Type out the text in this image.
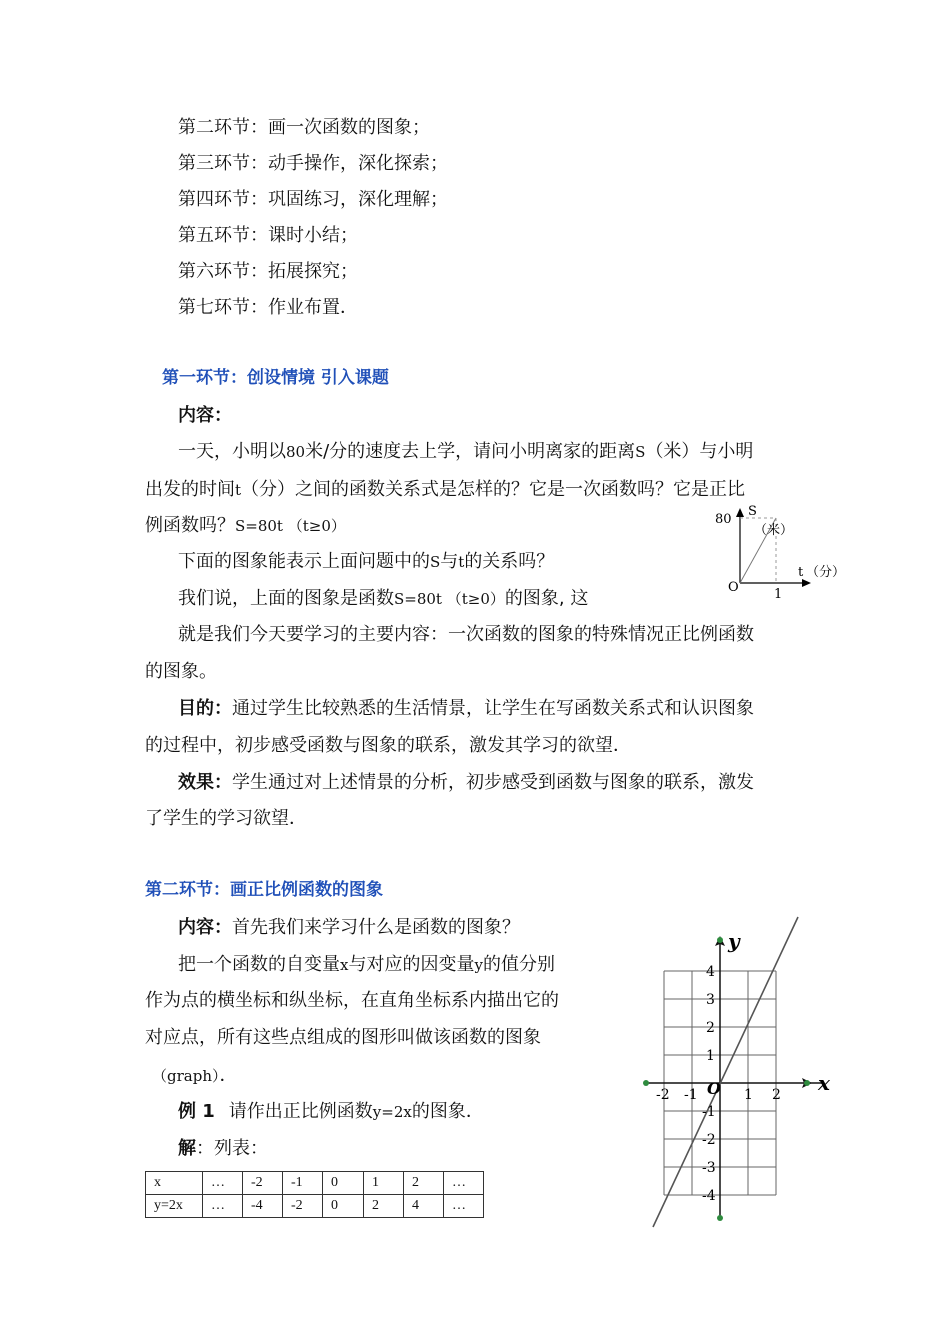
第二环节：画一次函数的图象；
第三环节：动手操作，深化探索；
第四环节：巩固练习，深化理解；
第五环节：课时小结；
第六环节：拓展探究；
第七环节：作业布置．
第一环节：创设情境 引入课题
内容：
一天，小明以80米/分的速度去上学，请问小明离家的距离S（米）与小明
出发的时间t（分）之间的函数关系式是怎样的？它是一次函数吗？它是正比
例函数吗？S=80t （t≥0）
下面的图象能表示上面问题中的S与t的关系吗？
我们说，上面的图象是函数S=80t （t≥0）的图象, 这
就是我们今天要学习的主要内容：一次函数的图象的特殊情况正比例函数
的图象。
目的：通过学生比较熟悉的生活情景，让学生在写函数关系式和认识图象
的过程中，初步感受函数与图象的联系，激发其学习的欲望．
效果：学生通过对上述情景的分析，初步感受到函数与图象的联系，激发
了学生的学习欲望．
80
S
（米）
t （分）
O	1
第二环节：画正比例函数的图象
内容：首先我们来学习什么是函数的图象？
把一个函数的自变量x与对应的因变量y的值分别
作为点的横坐标和纵坐标，在直角坐标系内描出它的
对应点，所有这些点组成的图形叫做该函数的图象
（graph）．
例 1 请作出正比例函数y=2x的图象．
解：列表：
x	…	-2	-1	0	1	2	…
y=2x	…	-4	-2	0	2	4	…
x
y
O
-2 -1	1 2
4
3
2
1
-1
-2
-3
-4
